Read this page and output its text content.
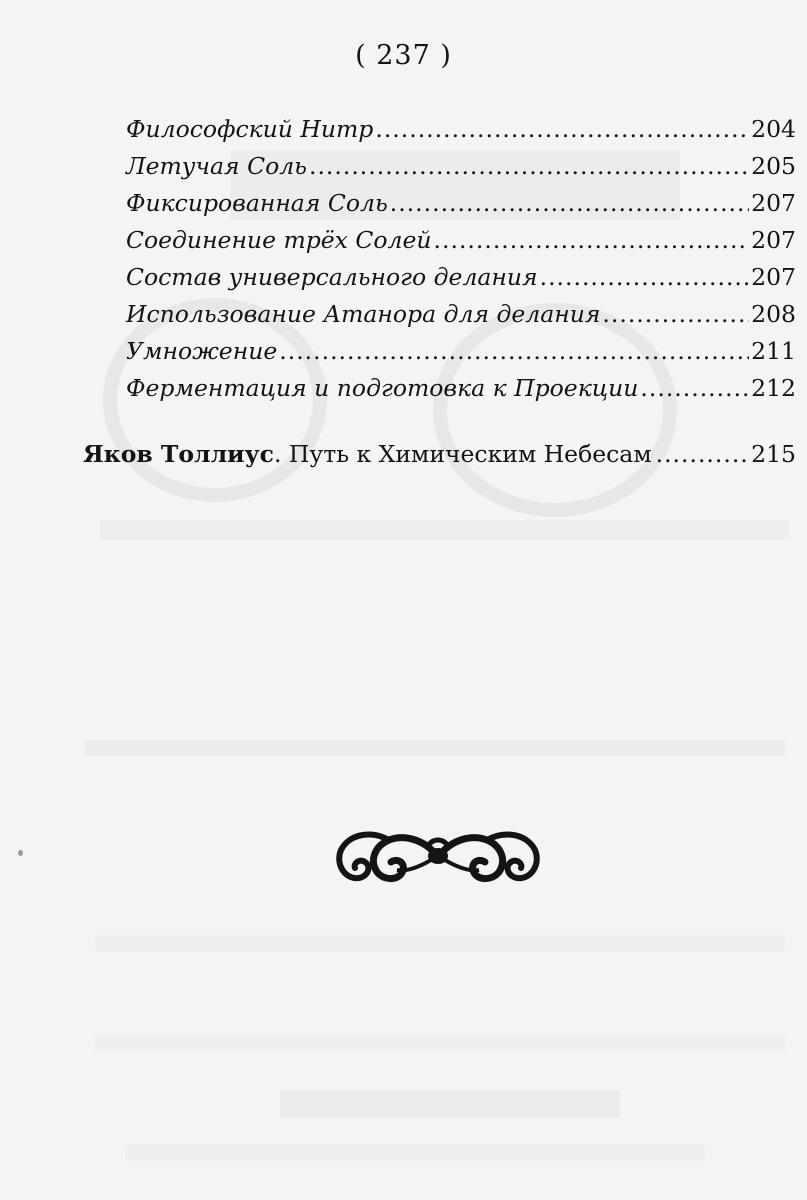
( 237 )
Философский Нитр .....	204
Летучая Соль .....	205
Фиксированная Соль .....	207
Соединение трёх Солей .....	207
Состав универсального делания .....	207
Использование Атанора для делания .....	208
Умножение .....	211
Ферментация и подготовка к Проекции .....	212
Яков Толлиус . Путь к Химическим Небесам .....	215
